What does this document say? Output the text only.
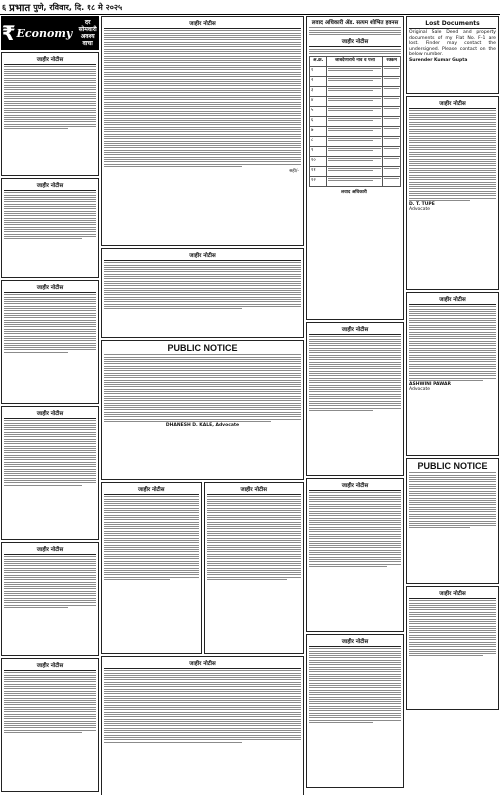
६ प्रभात पुणे, रविवार, दि. १८ मे २०२५
₹ Economy
दर सोमवारी
अवश्य वाचा
जाहीर नोटीस
जाहीर नोटीस
जाहीर नोटीस
जाहीर नोटीस
जाहीर नोटीस
जाहीर नोटीस
जाहीर नोटीस
सही/-
जाहीर नोटीस
PUBLIC NOTICE
DHANESH D. KALE, Advocate
जाहीर नोटीस	जाहीर नोटीस
जाहीर नोटीस
लवाद अधिकारी ॲड. सत्यम शोभित हवनस
जाहीर नोटीस
अ.क्र.	जाबदेणाराचे नाव व पत्ता	रक्कम
१	

२	

३	

४	

५	

६	

७	

८	

९	

१०	

११	

१२	

लवाद अधिकारी
जाहीर नोटीस
जाहीर नोटीस
जाहीर नोटीस
Lost Documents
Original Sale Deed and property documents of my Flat No. F-1 are lost. Finder may contact the undersigned. Please contact on the below number.
Surender Kumar Gupta
जाहीर नोटीस
D. T. TUPE
Advocate
जाहीर नोटीस
ASHWINI PAWAR
Advocate
PUBLIC NOTICE
जाहीर नोटीस
